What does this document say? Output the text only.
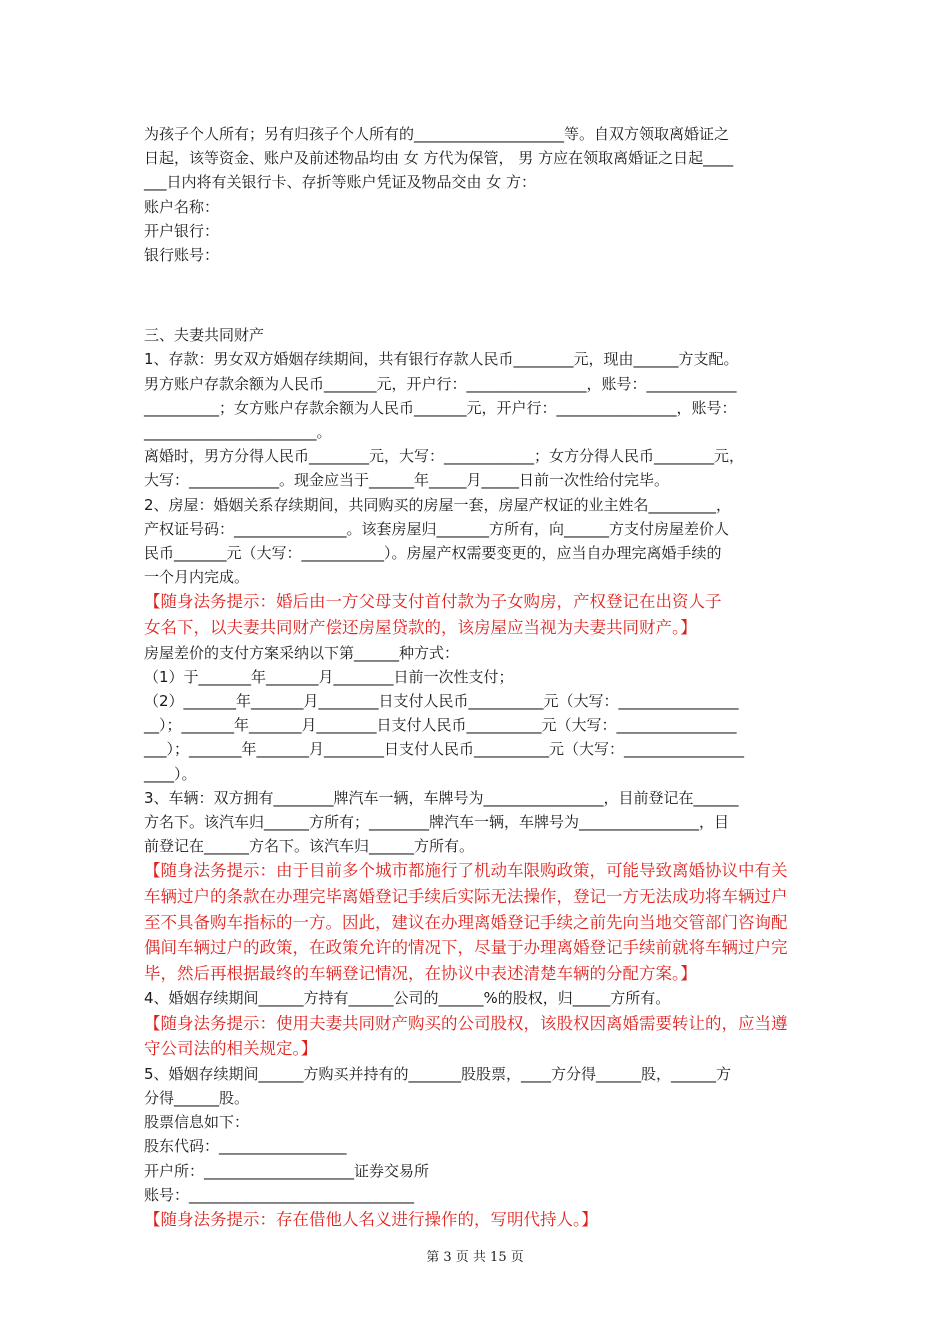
为孩子个人所有；另有归孩子个人所有的____________________等。自双方领取离婚证之

日起，该等资金、账户及前述物品均由 女 方代为保管， 男 方应在领取离婚证之日起____

___日内将有关银行卡、存折等账户凭证及物品交由 女 方：

账户名称：

开户银行：

银行账号：

三、夫妻共同财产

1、存款：男女双方婚姻存续期间，共有银行存款人民币________元，现由______方支配。

男方账户存款余额为人民币_______元，开户行：________________，账号：____________

__________；女方账户存款余额为人民币_______元，开户行：________________，账号：

_______________________。

离婚时，男方分得人民币________元，大写：____________；女方分得人民币________元，

大写：____________。现金应当于______年_____月_____日前一次性给付完毕。

2、房屋：婚姻关系存续期间，共同购买的房屋一套，房屋产权证的业主姓名_________，

产权证号码：_______________。该套房屋归_______方所有，向______方支付房屋差价人

民币_______元（大写：___________）。房屋产权需要变更的，应当自办理完离婚手续的

一个月内完成。

【随身法务提示：婚后由一方父母支付首付款为子女购房，产权登记在出资人子

女名下，以夫妻共同财产偿还房屋贷款的，该房屋应当视为夫妻共同财产。】

房屋差价的支付方案采纳以下第______种方式：

（1）于_______年_______月________日前一次性支付；

（2）_______年_______月________日支付人民币__________元（大写：________________

__）；_______年_______月________日支付人民币__________元（大写：________________

___）；_______年_______月________日支付人民币__________元（大写：________________

____）。

3、车辆：双方拥有________牌汽车一辆，车牌号为________________，目前登记在______

方名下。该汽车归______方所有；________牌汽车一辆，车牌号为________________，目

前登记在______方名下。该汽车归______方所有。

【随身法务提示：由于目前多个城市都施行了机动车限购政策，可能导致离婚协议中有关

车辆过户的条款在办理完毕离婚登记手续后实际无法操作，登记一方无法成功将车辆过户

至不具备购车指标的一方。因此，建议在办理离婚登记手续之前先向当地交管部门咨询配

偶间车辆过户的政策，在政策允许的情况下，尽量于办理离婚登记手续前就将车辆过户完

毕，然后再根据最终的车辆登记情况，在协议中表述清楚车辆的分配方案。】

4、婚姻存续期间______方持有______公司的______%的股权，归_____方所有。

【随身法务提示：使用夫妻共同财产购买的公司股权，该股权因离婚需要转让的，应当遵

守公司法的相关规定。】

5、婚姻存续期间______方购买并持有的_______股股票，____方分得______股，______方

分得______股。

股票信息如下：

股东代码：_________________

开户所：____________________证券交易所

账号：______________________________

【随身法务提示：存在借他人名义进行操作的，写明代持人。】

第 3 页 共 15 页
